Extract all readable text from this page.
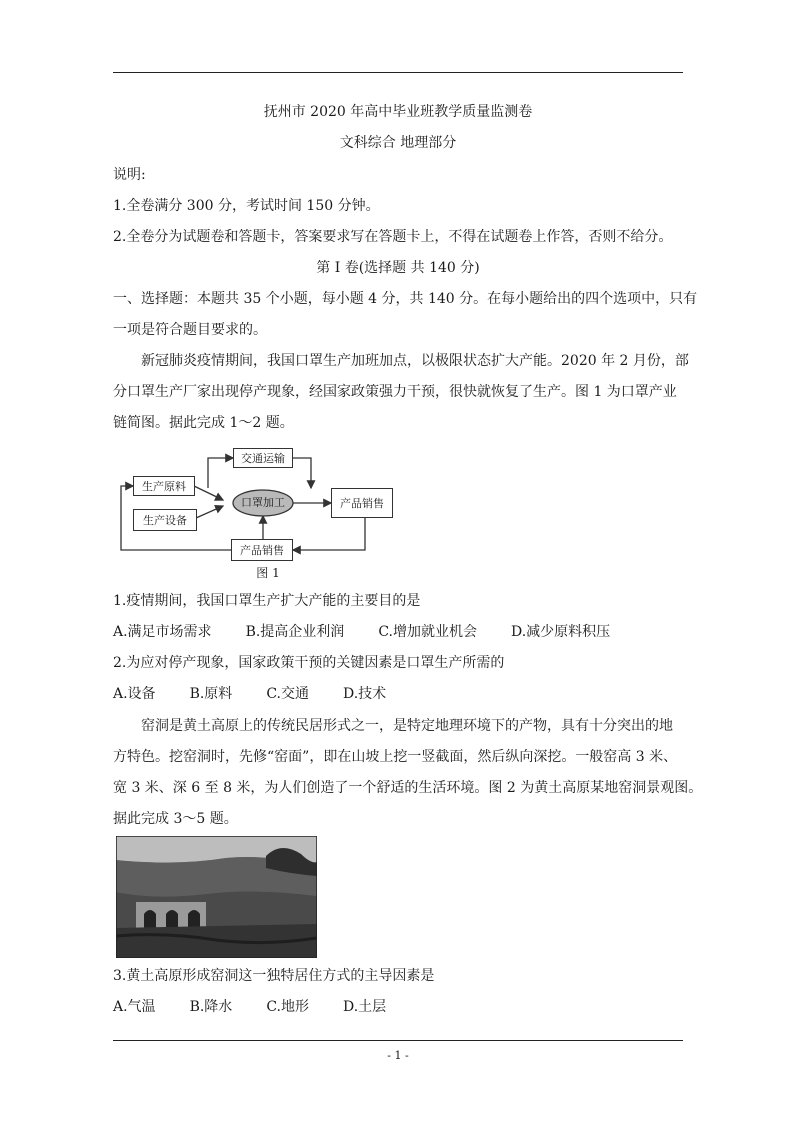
抚州市 2020 年高中毕业班教学质量监测卷
文科综合 地理部分
说明:
1.全卷满分 300 分，考试时间 150 分钟。
2.全卷分为试题卷和答题卡，答案要求写在答题卡上，不得在试题卷上作答，否则不给分。
第 I 卷(选择题 共 140 分)
一、选择题：本题共 35 个小题，每小题 4 分，共 140 分。在每小题给出的四个选项中，只有
一项是符合题目要求的。
新冠肺炎疫情期间，我国口罩生产加班加点，以极限状态扩大产能。2020 年 2 月份，部
分口罩生产厂家出现停产现象，经国家政策强力干预，很快就恢复了生产。图 1 为口罩产业
链简图。据此完成 1～2 题。
交通运输
生产原料
生产设备
口罩加工	产品销售
产品销售
图 1
1.疫情期间，我国口罩生产扩大产能的主要目的是
A.满足市场需求 B.提高企业利润 C.增加就业机会 D.减少原料积压
2.为应对停产现象，国家政策干预的关键因素是口罩生产所需的
A.设备 B.原料 C.交通 D.技术
窑洞是黄土高原上的传统民居形式之一，是特定地理环境下的产物，具有十分突出的地
方特色。挖窑洞时，先修“窑面”，即在山坡上挖一竖截面，然后纵向深挖。一般窑高 3 米、
宽 3 米、深 6 至 8 米，为人们创造了一个舒适的生活环境。图 2 为黄土高原某地窑洞景观图。
据此完成 3～5 题。
3.黄土高原形成窑洞这一独特居住方式的主导因素是
A.气温 B.降水 C.地形 D.土层
- 1 -
